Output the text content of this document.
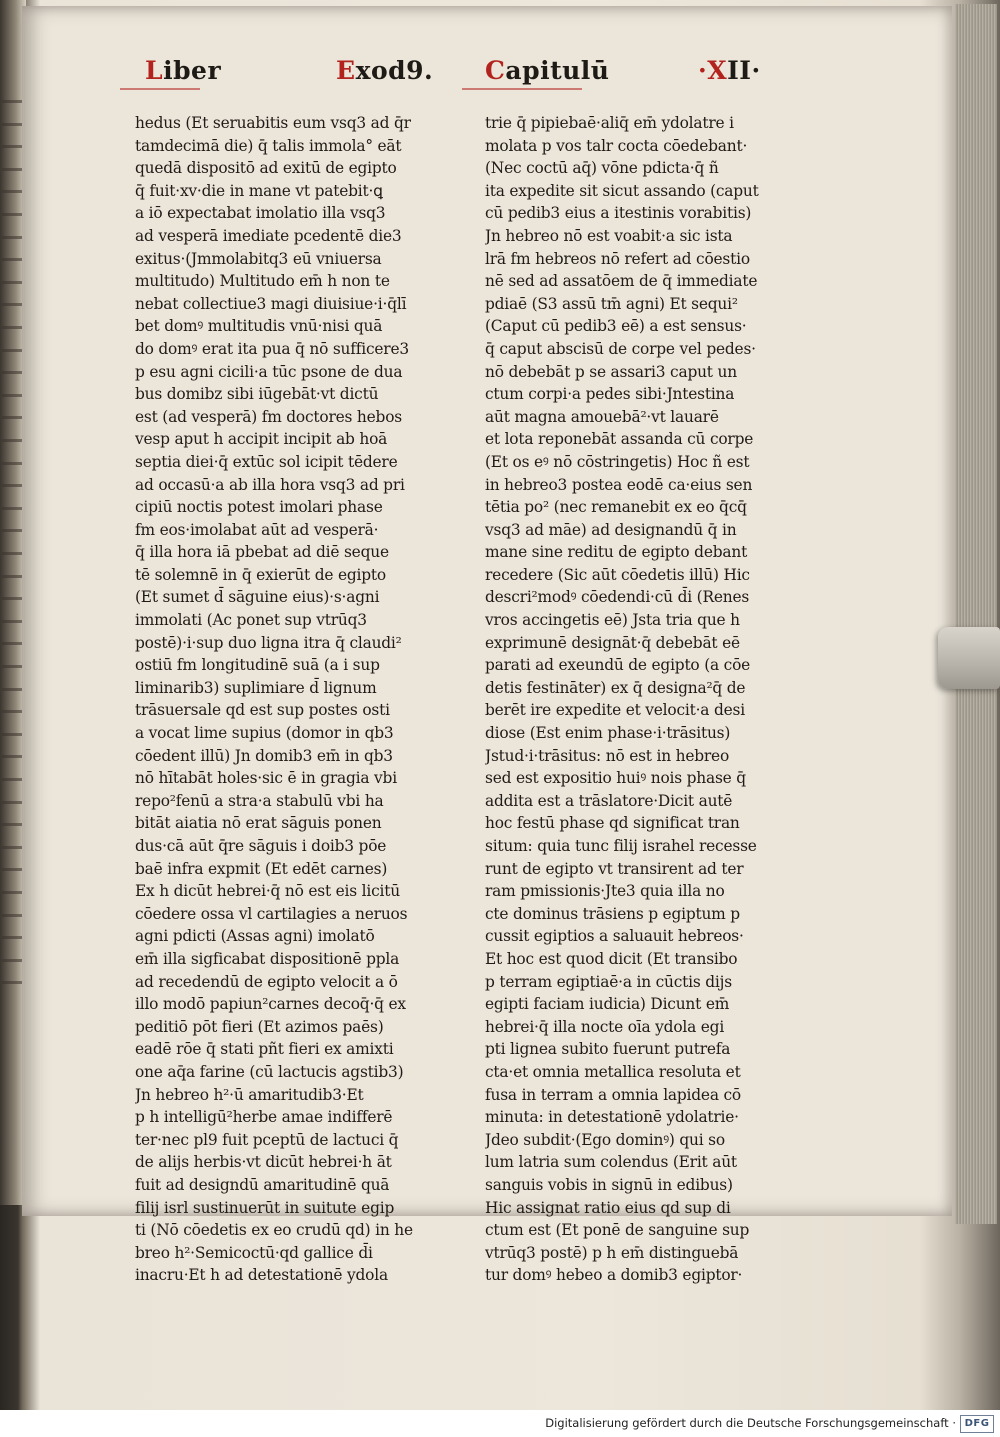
Liber	Exod9. Capitulū	·XII·
hedus (Et seruabitis eum vsq3 ad q̄r
tamdecimā die) q̄ talis immola° eāt
quedā dispositō ad exitū de egipto
q̄ fuit·xv·die in mane vt patebit·ꝗ
a iō expectabat imolatio illa vsq3
ad vesperā imediate pcedentē die3
exitus·(Jmmolabitq3 eū vniuersa
multitudo) Multitudo em̄ h non te
nebat collectiue3 magi diuisiue·i·q̄lī
bet domꝰ multitudis vnū·nisi quā
do domꝰ erat ita pua q̄ nō sufficere3
p esu agni cicili·a tūc psone de dua
bus domibz sibi iūgebāt·vt dictū
est (ad vesperā) fm doctores hebos
vesp aput h accipit incipit ab hoā
septia diei·q̄ extūc sol icipit tēdere
ad occasū·a ab illa hora vsq3 ad pri
cipiū noctis potest imolari phase
fm eos·imolabat aūt ad vesperā·
q̄ illa hora iā pbebat ad diē seque
tē solemnē in q̄ exierūt de egipto
(Et sumet d̄ sāguine eius)·s·agni
immolati (Ac ponet sup vtrūq3
postē)·i·sup duo ligna itra q̄ claudi²
ostiū fm longitudinē suā (a i sup
liminarib3) suplimiare d̄ lignum
trāsuersale qd est sup postes osti
a vocat lime supius (domor in qb3
cōedent illū) Jn domib3 em̄ in qb3
nō hītabāt holes·sic ē in gragia vbi
repo²fenū a stra·a stabulū vbi ha
bitāt aiatia nō erat sāguis ponen
dus·cā aūt q̄re sāguis i doib3 pōe
baē infra expmit (Et edēt carnes)
Ex h dicūt hebrei·q̄ nō est eis licitū
cōedere ossa vl cartilagies a neruos
agni pdicti (Assas agni) imolatō
em̄ illa sigficabat dispositionē ppla
ad recedendū de egipto velocit a ō
illo modō papiun²carnes decoq̄·q̄ ex
peditiō pōt fieri (Et azimos paēs)
eadē rōe q̄ stati pñt fieri ex amixti
one aq̄a farine (cū lactucis agstib3)
Jn hebreo h²·ū amaritudib3·Et
p h intelligū²herbe amae indifferē
ter·nec pl9 fuit pceptū de lactuci q̄
de alijs herbis·vt dicūt hebrei·h āt
fuit ad designdū amaritudinē quā
filij isrl sustinuerūt in suitute egip
ti (Nō cōedetis ex eo crudū qd) in he
breo h²·Semicoctū·qd gallice d̄i
inacru·Et h ad detestationē ydola
trie q̄ pipiebaē·aliq̄ em̄ ydolatre i
molata p vos talr cocta cōedebant·
(Nec coctū aq̄) vōne pdicta·q̄ ñ
ita expedite sit sicut assando (caput
cū pedib3 eius a itestinis vorabitis)
Jn hebreo nō est voabit·a sic ista
lrā fm hebreos nō refert ad cōestio
nē sed ad assatōem de q̄ immediate
pdiaē (S3 assū tm̄ agni) Et sequi²
(Caput cū pedib3 eē) a est sensus·
q̄ caput abscisū de corpe vel pedes·
nō debebāt p se assari3 caput un
ctum corpi·a pedes sibi·Jntestina
aūt magna amouebā²·vt lauarē
et lota reponebāt assanda cū corpe
(Et os eꝰ nō cōstringetis) Hoc ñ est
in hebreo3 postea eodē ca·eius sen
tētia po² (nec remanebit ex eo q̄cq̄
vsq3 ad māe) ad designandū q̄ in
mane sine reditu de egipto debant
recedere (Sic aūt cōedetis illū) Hic
descri²modꝰ cōedendi·cū d̄i (Renes
vros accingetis eē) Jsta tria que h
exprimunē designāt·q̄ debebāt eē
parati ad exeundū de egipto (a cōe
detis festināter) ex q̄ designa²q̄ de
berēt ire expedite et velocit·a desi
diose (Est enim phase·i·trāsitus)
Jstud·i·trāsitus: nō est in hebreo
sed est expositio huiꝰ nois phase q̄
addita est a trāslatore·Dicit autē
hoc festū phase qd significat tran
situm: quia tunc filij israhel recesse
runt de egipto vt transirent ad ter
ram pmissionis·Jte3 quia illa no
cte dominus trāsiens p egiptum p
cussit egiptios a saluauit hebreos·
Et hoc est quod dicit (Et transibo
p terram egiptiaē·a in cūctis dijs
egipti faciam iudicia) Dicunt em̄
hebrei·q̄ illa nocte oīa ydola egi
pti lignea subito fuerunt putrefa
cta·et omnia metallica resoluta et
fusa in terram a omnia lapidea cō
minuta: in detestationē ydolatrie·
Jdeo subdit·(Ego dominꝰ) qui so
lum latria sum colendus (Erit aūt
sanguis vobis in signū in edibus)
Hic assignat ratio eius qd sup di
ctum est (Et ponē de sanguine sup
vtrūq3 postē) p h em̄ distinguebā
tur domꝰ hebeo a domib3 egiptor·
Digitalisierung gefördert durch die Deutsche Forschungsgemeinschaft · DFG
